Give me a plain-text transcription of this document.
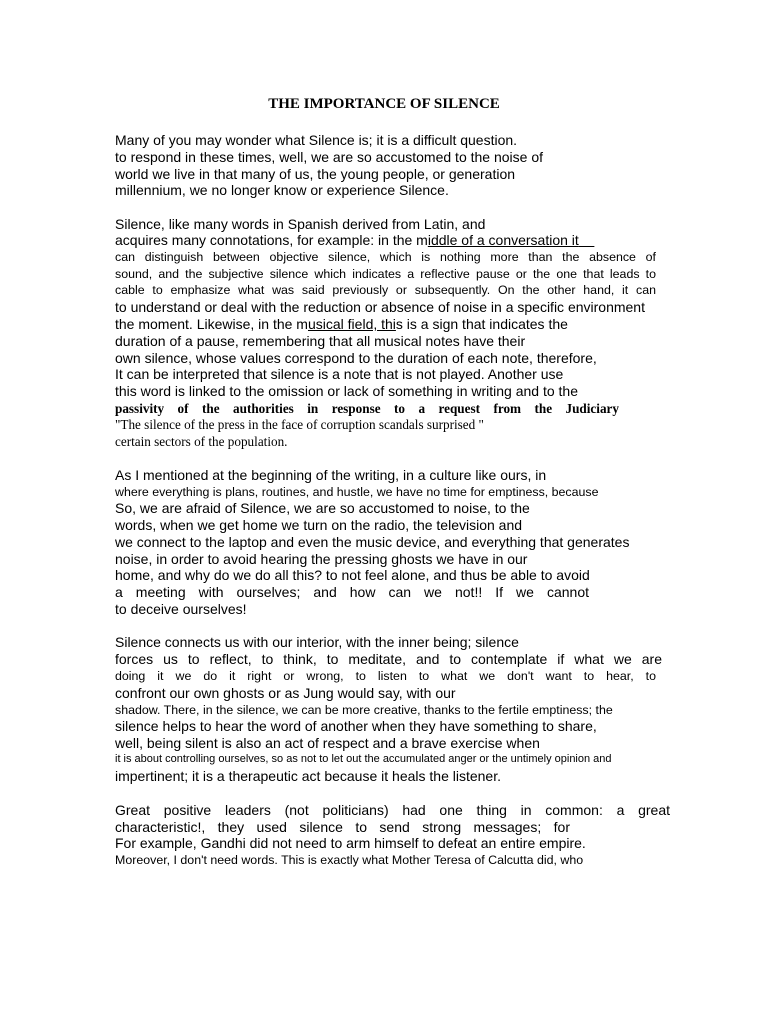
THE IMPORTANCE OF SILENCE
Many of you may wonder what Silence is; it is a difficult question.
to respond in these times, well, we are so accustomed to the noise of
world we live in that many of us, the young people, or generation
millennium, we no longer know or experience Silence.
Silence, like many words in Spanish derived from Latin, and
acquires many connotations, for example: in the middle of a conversation it
can distinguish between objective silence, which is nothing more than the absence of
sound, and the subjective silence which indicates a reflective pause or the one that leads to
cable to emphasize what was said previously or subsequently. On the other hand, it can
to understand or deal with the reduction or absence of noise in a specific environment
the moment. Likewise, in the musical field, this is a sign that indicates the
duration of a pause, remembering that all musical notes have their
own silence, whose values correspond to the duration of each note, therefore,
It can be interpreted that silence is a note that is not played. Another use
this word is linked to the omission or lack of something in writing and to the
passivity of the authorities in response to a request from the Judiciary
"The silence of the press in the face of corruption scandals surprised "
certain sectors of the population.
As I mentioned at the beginning of the writing, in a culture like ours, in
where everything is plans, routines, and hustle, we have no time for emptiness, because
So, we are afraid of Silence, we are so accustomed to noise, to the
words, when we get home we turn on the radio, the television and
we connect to the laptop and even the music device, and everything that generates
noise, in order to avoid hearing the pressing ghosts we have in our
home, and why do we do all this? to not feel alone, and thus be able to avoid
a meeting with ourselves; and how can we not!! If we cannot
to deceive ourselves!
Silence connects us with our interior, with the inner being; silence
forces us to reflect, to think, to meditate, and to contemplate if what we are
doing it we do it right or wrong, to listen to what we don't want to hear, to
confront our own ghosts or as Jung would say, with our
shadow. There, in the silence, we can be more creative, thanks to the fertile emptiness; the
silence helps to hear the word of another when they have something to share,
well, being silent is also an act of respect and a brave exercise when
it is about controlling ourselves, so as not to let out the accumulated anger or the untimely opinion and
impertinent; it is a therapeutic act because it heals the listener.
Great positive leaders (not politicians) had one thing in common: a great
characteristic!, they used silence to send strong messages; for
For example, Gandhi did not need to arm himself to defeat an entire empire.
Moreover, I don't need words. This is exactly what Mother Teresa of Calcutta did, who
